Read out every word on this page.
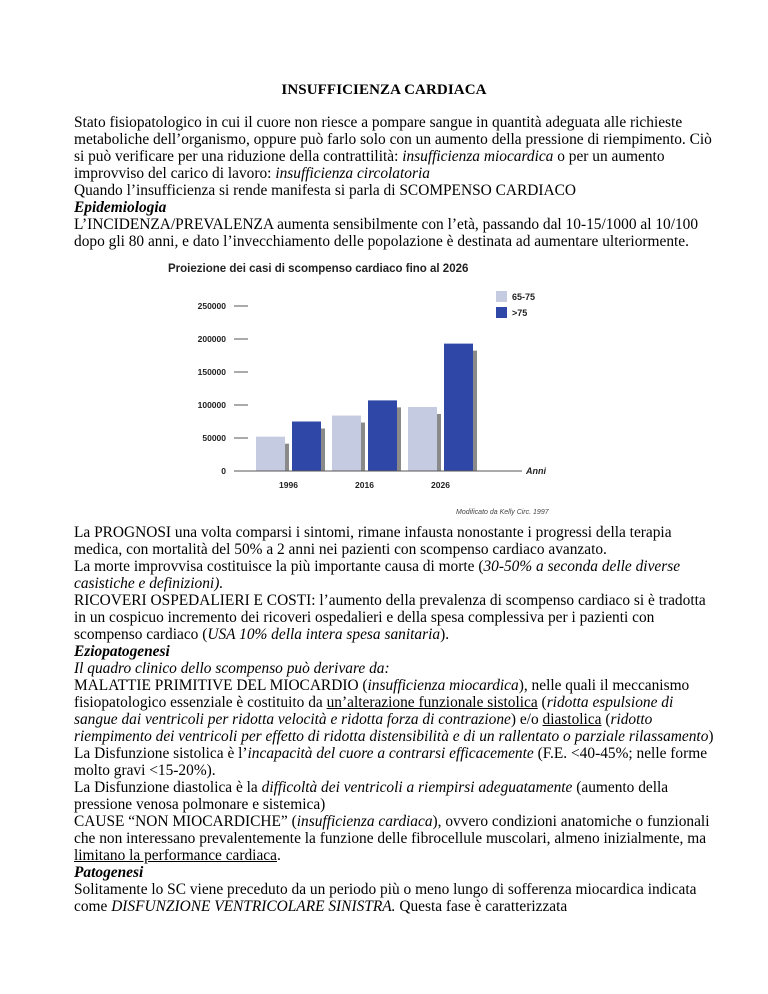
INSUFFICIENZA CARDIACA

Stato fisiopatologico in cui il cuore non riesce a pompare sangue in quantità adeguata alle richieste metaboliche dell’organismo, oppure può farlo solo con un aumento della pressione di riempimento. Ciò si può verificare per una riduzione della contrattilità: insufficienza miocardica o per un aumento improvviso del carico di lavoro: insufficienza circolatoria

Quando l’insufficienza si rende manifesta si parla di SCOMPENSO CARDIACO

Epidemiologia

L’INCIDENZA/PREVALENZA aumenta sensibilmente con l’età, passando dal 10-15/1000 al 10/100 dopo gli 80 anni, e dato l’invecchiamento delle popolazione è destinata ad aumentare ulteriormente.

Proiezione dei casi di scompenso cardiaco fino al 2026
0
50000
100000
150000
200000
250000
1996	2016	2026
Anni
65-75
>75
Modificato da Kelly Circ. 1997

La PROGNOSI una volta comparsi i sintomi, rimane infausta nonostante i progressi della terapia medica, con mortalità del 50% a 2 anni nei pazienti con scompenso cardiaco avanzato.

La morte improvvisa costituisce la più importante causa di morte (30-50% a seconda delle diverse casistiche e definizioni).

RICOVERI OSPEDALIERI E COSTI: l’aumento della prevalenza di scompenso cardiaco si è tradotta in un cospicuo incremento dei ricoveri ospedalieri e della spesa complessiva per i pazienti con scompenso cardiaco (USA 10% della intera spesa sanitaria).

Eziopatogenesi

Il quadro clinico dello scompenso può derivare da:

MALATTIE PRIMITIVE DEL MIOCARDIO (insufficienza miocardica), nelle quali il meccanismo fisiopatologico essenziale è costituito da un’alterazione funzionale sistolica (ridotta espulsione di sangue dai ventricoli per ridotta velocità e ridotta forza di contrazione) e/o diastolica (ridotto riempimento dei ventricoli per effetto di ridotta distensibilità e di un rallentato o parziale rilassamento)

La Disfunzione sistolica è l’incapacità del cuore a contrarsi efficacemente (F.E. <40-45%; nelle forme molto gravi <15-20%).

La Disfunzione diastolica è la difficoltà dei ventricoli a riempirsi adeguatamente (aumento della pressione venosa polmonare e sistemica)

CAUSE “NON MIOCARDICHE” (insufficienza cardiaca), ovvero condizioni anatomiche o funzionali che non interessano prevalentemente la funzione delle fibrocellule muscolari, almeno inizialmente, ma limitano la performance cardiaca.

Patogenesi

Solitamente lo SC viene preceduto da un periodo più o meno lungo di sofferenza miocardica indicata come DISFUNZIONE VENTRICOLARE SINISTRA. Questa fase è caratterizzata
